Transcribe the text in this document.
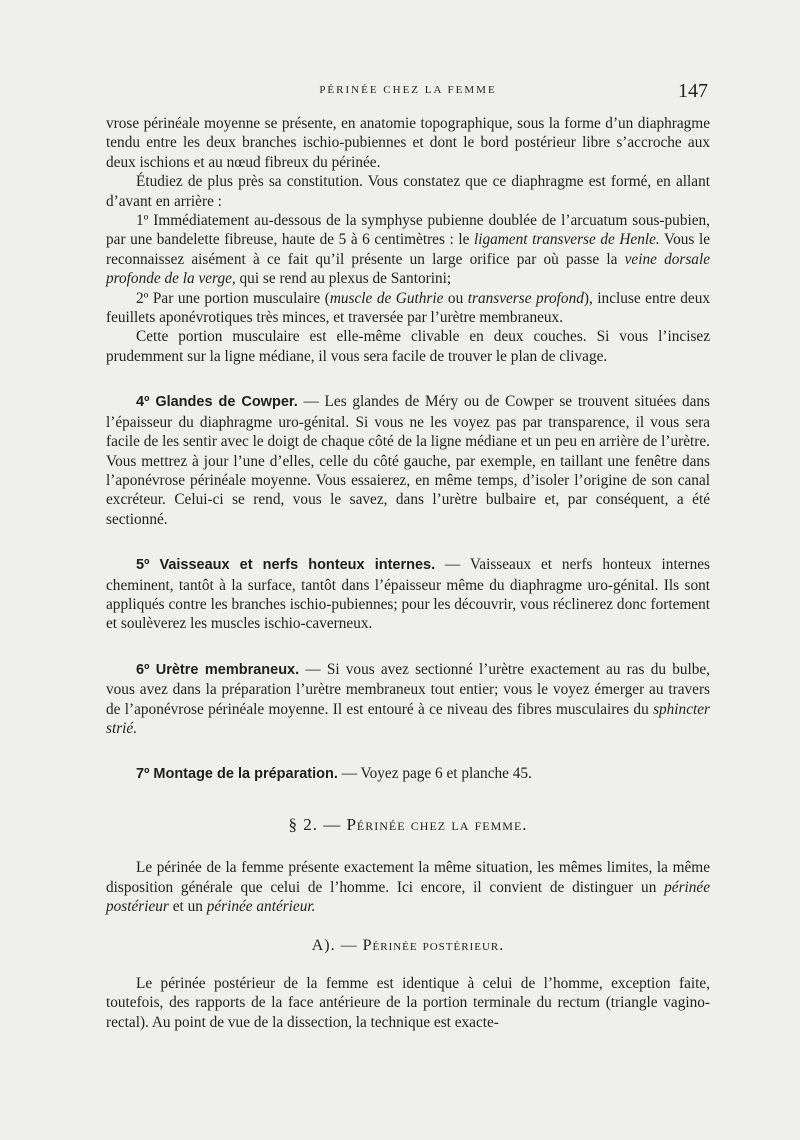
PÉRINÉE CHEZ LA FEMME	147

vrose périnéale moyenne se présente, en anatomie topographique, sous la forme d’un diaphragme tendu entre les deux branches ischio-pubiennes et dont le bord postérieur libre s’accroche aux deux ischions et au nœud fibreux du périnée.

Étudiez de plus près sa constitution. Vous constatez que ce diaphragme est formé, en allant d’avant en arrière :

1º Immédiatement au-dessous de la symphyse pubienne doublée de l’arcuatum sous-pubien, par une bandelette fibreuse, haute de 5 à 6 centimètres : le ligament transverse de Henle. Vous le reconnaissez aisément à ce fait qu’il présente un large orifice par où passe la veine dorsale profonde de la verge, qui se rend au plexus de Santorini;

2º Par une portion musculaire (muscle de Guthrie ou transverse profond), incluse entre deux feuillets aponévrotiques très minces, et traversée par l’urètre membraneux.

Cette portion musculaire est elle-même clivable en deux couches. Si vous l’incisez prudemment sur la ligne médiane, il vous sera facile de trouver le plan de clivage.

4º Glandes de Cowper. — Les glandes de Méry ou de Cowper se trouvent situées dans l’épaisseur du diaphragme uro-génital. Si vous ne les voyez pas par transparence, il vous sera facile de les sentir avec le doigt de chaque côté de la ligne médiane et un peu en arrière de l’urètre. Vous mettrez à jour l’une d’elles, celle du côté gauche, par exemple, en taillant une fenêtre dans l’aponévrose périnéale moyenne. Vous essaierez, en même temps, d’isoler l’origine de son canal excréteur. Celui-ci se rend, vous le savez, dans l’urètre bulbaire et, par conséquent, a été sectionné.

5º Vaisseaux et nerfs honteux internes. — Vaisseaux et nerfs honteux internes cheminent, tantôt à la surface, tantôt dans l’épaisseur même du diaphragme uro-génital. Ils sont appliqués contre les branches ischio-pubiennes; pour les découvrir, vous réclinerez donc fortement et soulèverez les muscles ischio-caverneux.

6º Urètre membraneux. — Si vous avez sectionné l’urètre exactement au ras du bulbe, vous avez dans la préparation l’urètre membraneux tout entier; vous le voyez émerger au travers de l’aponévrose périnéale moyenne. Il est entouré à ce niveau des fibres musculaires du sphincter strié.

7º Montage de la préparation. — Voyez page 6 et planche 45.

§ 2. — Périnée chez la femme.

Le périnée de la femme présente exactement la même situation, les mêmes limites, la même disposition générale que celui de l’homme. Ici encore, il convient de distinguer un périnée postérieur et un périnée antérieur.

A). — Périnée postérieur.

Le périnée postérieur de la femme est identique à celui de l’homme, exception faite, toutefois, des rapports de la face antérieure de la portion terminale du rectum (triangle vagino-rectal). Au point de vue de la dissection, la technique est exacte-
